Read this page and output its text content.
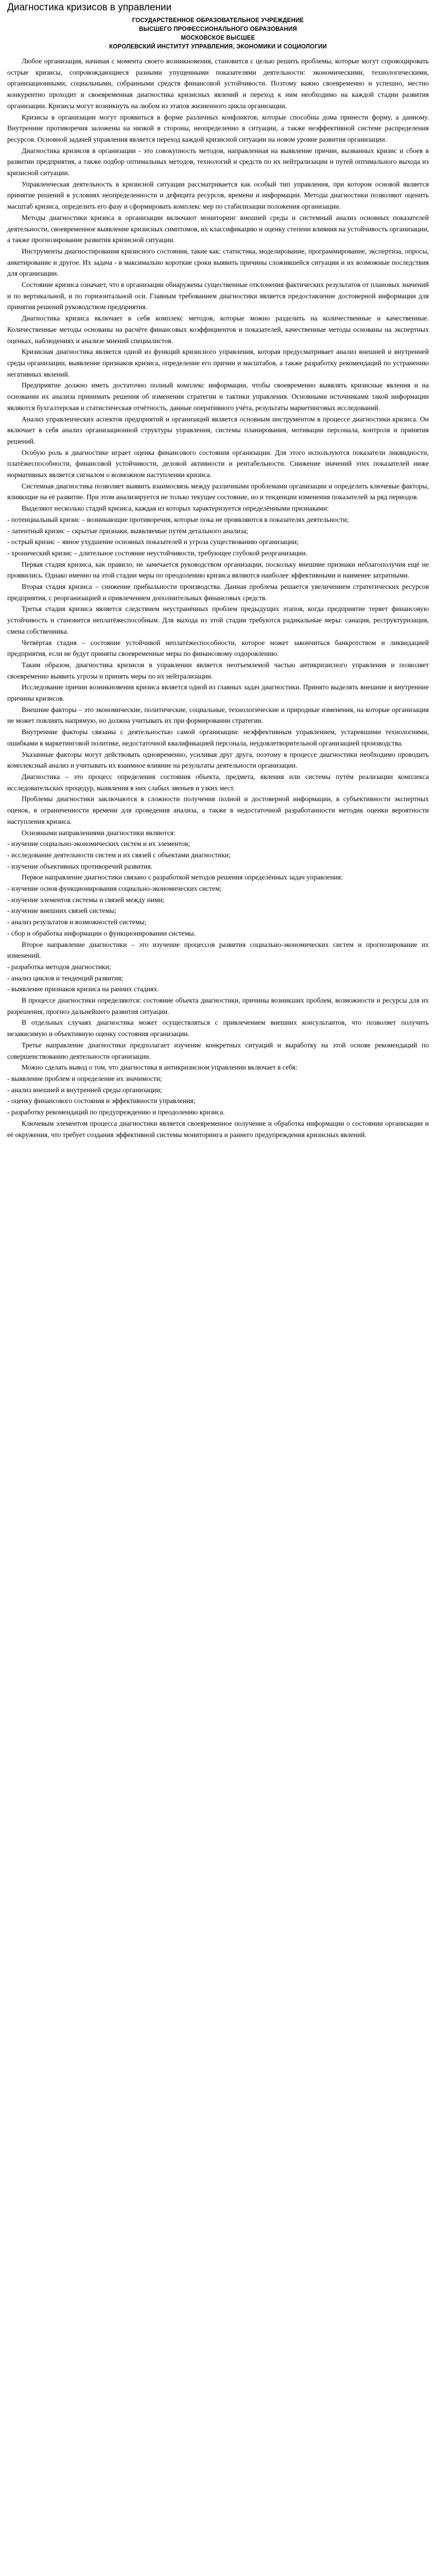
Диагностика кризисов в управлении
ГОСУДАРСТВЕННОЕ ОБРАЗОВАТЕЛЬНОЕ УЧРЕЖДЕНИЕ
ВЫСШЕГО ПРОФЕССИОНАЛЬНОГО ОБРАЗОВАНИЯ
МОСКОВСКОЕ ВЫСШЕЕ
КОРОЛЕВСКИЙ ИНСТИТУТ УПРАВЛЕНИЯ, ЭКОНОМИКИ И СОЦИОЛОГИИ

Любое организация, начиная с момента своего возникновения, становится с целью решить проблемы, которые могут спровоцировать острые кризисы, сопровождающиеся разными упущенными показателями деятельности: экономическими, технологическими, организационными, социальными, собранными средств финансовой устойчивости. Поэтому важно своевременно и успешно, местно конкурентно проходит и своевременная диагностика кризисных явлений и переход к ним необходимо на каждой стадии развития организации. Кризисы могут возникнуть на любом из этапов жизненного цикла организации.

Кризисы в организации могут проявиться в форме различных конфликтов, которые способны дома принести форму, а данному. Внутренние противоречия заложены на низкой в стороны, неопределенно в ситуации, а также неэффективной системе распределения ресурсов. Основной задачей управления является переход каждой кризисной ситуации на новом уровне развития организации.

Диагностика кризисов в организации - это совокупность методов, направленная на выявление причин, вызванных кризис и сбоев в развитии предприятия, а также подбор оптимальных методов, технологий и средств по их нейтрализации и путей оптимального выхода из кризисной ситуации.

Управленческая деятельность в кризисной ситуации рассматривается как особый тип управления, при котором основой является принятие решений в условиях неопределенности и дефицита ресурсов, времени и информации. Методы диагностики позволяют оценить масштаб кризиса, определить его фазу и сформировать комплекс мер по стабилизации положения организации.

Методы диагностики кризиса в организации включают мониторинг внешней среды и системный анализ основных показателей деятельности, своевременное выявление кризисных симптомов, их классификацию и оценку степени влияния на устойчивость организации, а также прогнозирование развития кризисной ситуации.

Инструменты диагностирования кризисного состояния, такие как: статистика, моделирование, программирование, экспертиза, опросы, анкетирование и другое. Их задача - в максимально короткие сроки выявить причины сложившейся ситуации и их возможные последствия для организации.

Состояние кризиса означает, что в организации обнаружены существенные отклонения фактических результатов от плановых значений и по вертикальной, и по горизонтальной оси. Главным требованием диагностики является предоставление достоверной информации для принятия решений руководством предприятия.

Диагностика кризиса включает в себя комплекс методов, которые можно разделить на количественные и качественные. Количественные методы основаны на расчёте финансовых коэффициентов и показателей, качественные методы основаны на экспертных оценках, наблюдениях и анализе мнений специалистов.

Кризисная диагностика является одной из функций кризисного управления, которая предусматривает анализ внешней и внутренней среды организации, выявление признаков кризиса, определение его причин и масштабов, а также разработку рекомендаций по устранению негативных явлений.

Предприятие должно иметь достаточно полный комплекс информации, чтобы своевременно выявлять кризисные явления и на основании их анализа принимать решения об изменении стратегии и тактики управления. Основными источниками такой информации являются бухгалтерская и статистическая отчётность, данные оперативного учёта, результаты маркетинговых исследований.

Анализ управленческих аспектов предприятий и организаций является основным инструментом в процессе диагностики кризиса. Он включает в себя анализ организационной структуры управления, системы планирования, мотивации персонала, контроля и принятия решений.

Особую роль в диагностике играет оценка финансового состояния организации. Для этого используются показатели ликвидности, платёжеспособности, финансовой устойчивости, деловой активности и рентабельности. Снижение значений этих показателей ниже нормативных является сигналом о возможном наступлении кризиса.

Системная диагностика позволяет выявить взаимосвязь между различными проблемами организации и определить ключевые факторы, влияющие на её развитие. При этом анализируется не только текущее состояние, но и тенденции изменения показателей за ряд периодов.

Выделяют несколько стадий кризиса, каждая из которых характеризуется определёнными признаками:

- потенциальный кризис – возникающие противоречия, которые пока не проявляются в показателях деятельности;

- латентный кризис – скрытые признаки, выявляемые путём детального анализа;

- острый кризис – явное ухудшение основных показателей и угроза существованию организации;

- хронический кризис – длительное состояние неустойчивости, требующее глубокой реорганизации.

Первая стадия кризиса, как правило, не замечается руководством организации, поскольку внешние признаки неблагополучия ещё не проявились. Однако именно на этой стадии меры по преодолению кризиса являются наиболее эффективными и наименее затратными.

Вторая стадия кризиса – снижение прибыльности производства. Данная проблема решается увеличением стратегических ресурсов предприятия, с реорганизацией и привлечением дополнительных финансовых средств.

Третья стадия кризиса является следствием неустранённых проблем предыдущих этапов, когда предприятие теряет финансовую устойчивость и становится неплатёжеспособным. Для выхода из этой стадии требуются радикальные меры: санация, реструктуризация, смена собственника.

Четвёртая стадия – состояние устойчивой неплатёжеспособности, которое может закончиться банкротством и ликвидацией предприятия, если не будут приняты своевременные меры по финансовому оздоровлению.

Таким образом, диагностика кризисов в управлении является неотъемлемой частью антикризисного управления и позволяет своевременно выявить угрозы и принять меры по их нейтрализации.

Исследование причин возникновения кризиса является одной из главных задач диагностики. Принято выделять внешние и внутренние причины кризисов.

Внешние факторы – это экономические, политические, социальные, технологические и природные изменения, на которые организация не может повлиять напрямую, но должна учитывать их при формировании стратегии.

Внутренние факторы связаны с деятельностью самой организации: неэффективным управлением, устаревшими технологиями, ошибками в маркетинговой политике, недостаточной квалификацией персонала, неудовлетворительной организацией производства.

Указанные факторы могут действовать одновременно, усиливая друг друга, поэтому в процессе диагностики необходимо проводить комплексный анализ и учитывать их взаимное влияние на результаты деятельности организации.

Диагностика – это процесс определения состояния объекта, предмета, явления или системы путём реализации комплекса исследовательских процедур, выявления в них слабых звеньев и узких мест.

Проблемы диагностики заключаются в сложности получения полной и достоверной информации, в субъективности экспертных оценок, в ограниченности времени для проведения анализа, а также в недостаточной разработанности методик оценки вероятности наступления кризиса.

Основными направлениями диагностики являются:

- изучение социально-экономических систем и их элементов;

- исследование деятельности систем и их связей с объектами диагностики;

- изучение объективных противоречий развития.

Первое направление диагностики связано с разработкой методов решения определённых задач управления:

- изучение основ функционирования социально-экономических систем;

- изучение элементов системы и связей между ними;

- изучение внешних связей системы;

- анализ результатов и возможностей системы;

- сбор и обработка информации о функционировании системы.

Второе направление диагностики – это изучение процессов развития социально-экономических систем и прогнозирование их изменений.

- разработка методов диагностики;

- анализ циклов и тенденций развития;

- выявление признаков кризиса на ранних стадиях.

В процессе диагностики определяются: состояние объекта диагностики, причины возникших проблем, возможности и ресурсы для их разрешения, прогноз дальнейшего развития ситуации.

В отдельных случаях диагностика может осуществляться с привлечением внешних консультантов, что позволяет получить независимую и объективную оценку состояния организации.

Третье направление диагностики предполагает изучение конкретных ситуаций и выработку на этой основе рекомендаций по совершенствованию деятельности организации.

Можно сделать вывод о том, что диагностика в антикризисном управлении включает в себя:

- выявление проблем и определение их значимости;

- анализ внешней и внутренней среды организации;

- оценку финансового состояния и эффективности управления;

- разработку рекомендаций по предупреждению и преодолению кризиса.

Ключевым элементом процесса диагностики является своевременное получение и обработка информации о состоянии организации и её окружения, что требует создания эффективной системы мониторинга и раннего предупреждения кризисных явлений.
